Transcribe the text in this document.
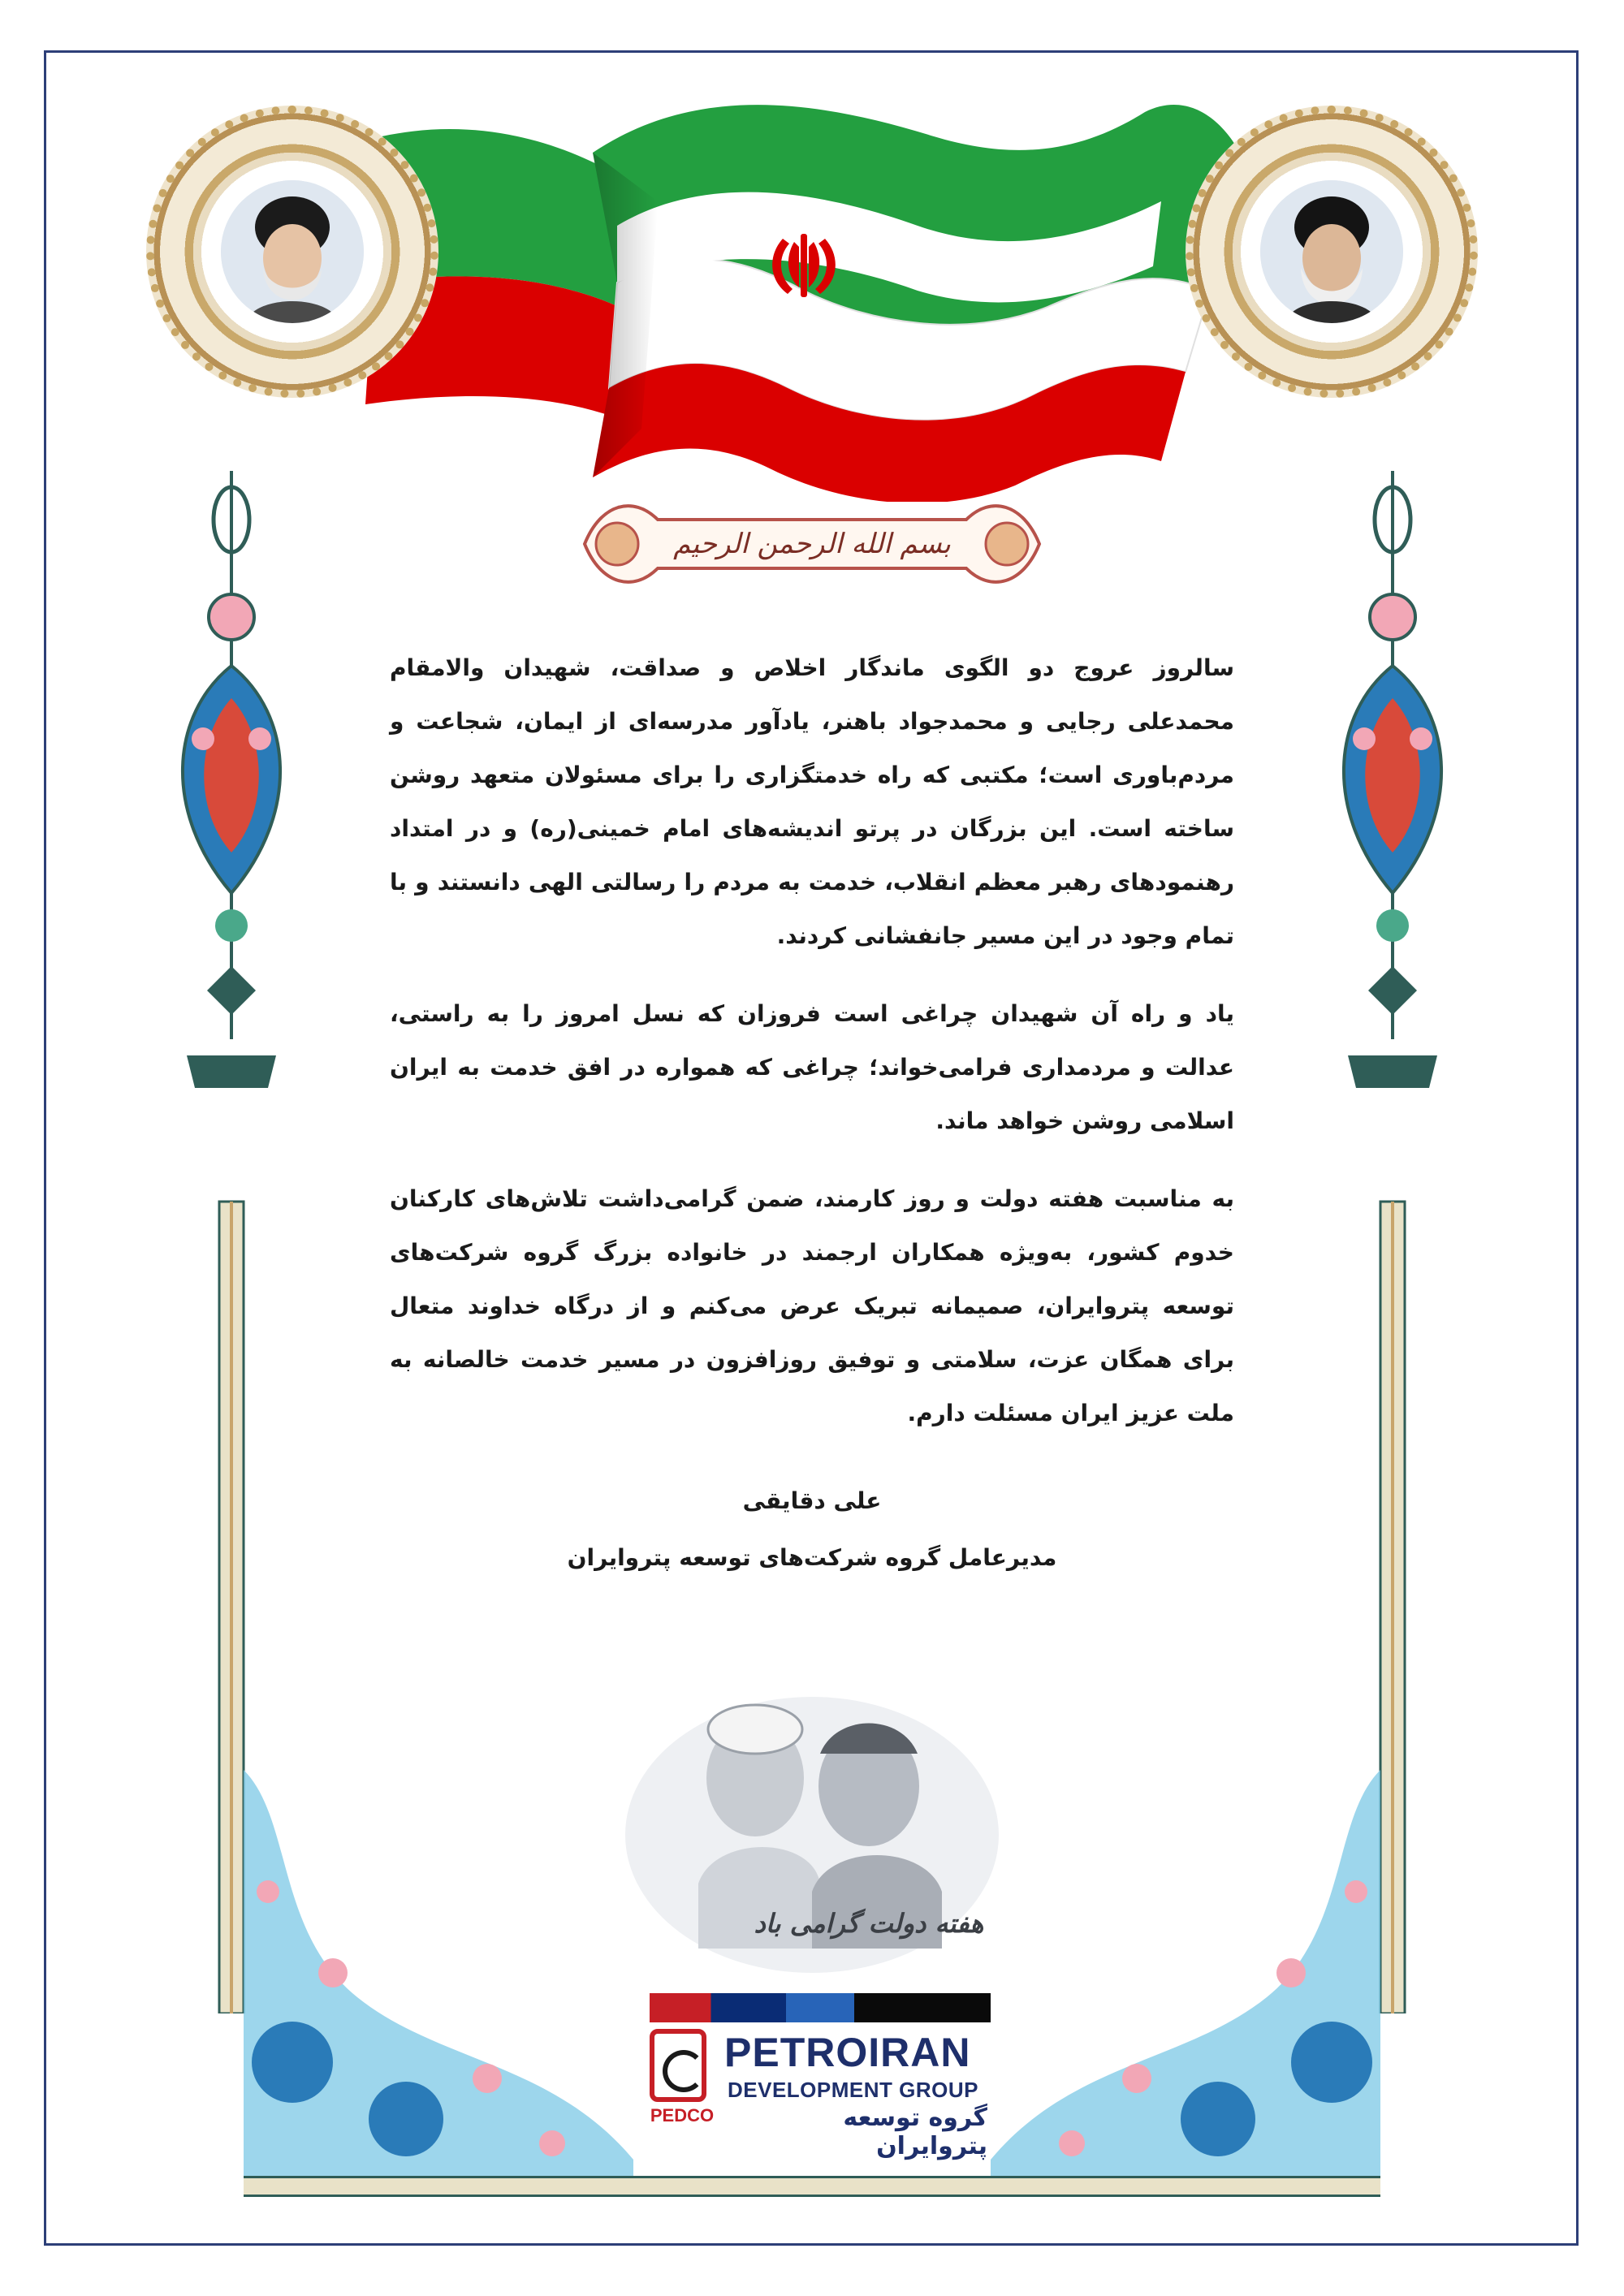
بسم الله الرحمن الرحیم

سالروز عروج دو الگوی ماندگار اخلاص و صداقت، شهیدان والامقام محمدعلی رجایی و محمدجواد باهنر، یادآور مدرسه‌ای از ایمان، شجاعت و مردم‌باوری است؛ مکتبی که راه خدمتگزاری را برای مسئولان متعهد روشن ساخته است. این بزرگان در پرتو اندیشه‌های امام خمینی(ره) و در امتداد رهنمودهای رهبر معظم انقلاب، خدمت به مردم را رسالتی الهی دانستند و با تمام وجود در این مسیر جانفشانی کردند.

یاد و راه آن شهیدان چراغی است فروزان که نسل امروز را به راستی، عدالت و مردمداری فرامی‌خواند؛ چراغی که همواره در افق خدمت به ایران اسلامی روشن خواهد ماند.

به مناسبت هفته دولت و روز کارمند، ضمن گرامی‌داشت تلاش‌های کارکنان خدوم کشور، به‌ویژه همکاران ارجمند در خانواده بزرگ گروه شرکت‌های توسعه پتروایران، صمیمانه تبریک عرض می‌کنم و از درگاه خداوند متعال برای همگان عزت، سلامتی و توفیق روزافزون در مسیر خدمت خالصانه به ملت عزیز ایران مسئلت دارم.

علی دقایقی
مدیرعامل گروه شرکت‌های توسعه پتروایران
هفته دولت گرامی باد
PEDCO
PETROIRAN
DEVELOPMENT GROUP
گروه توسعه پتروایران
